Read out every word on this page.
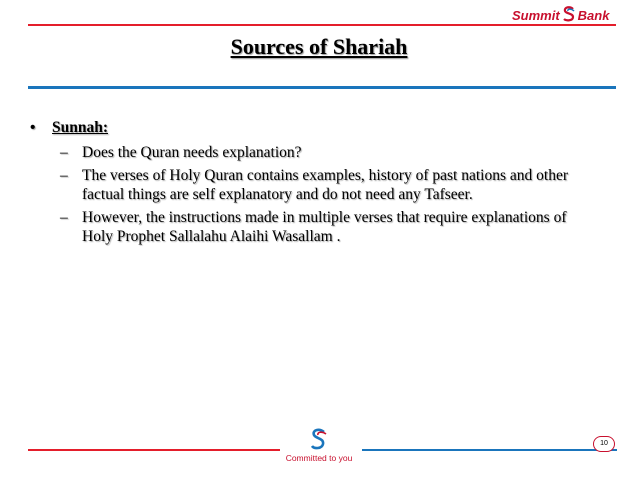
Summit Bank
Sources of Shariah
•	Sunnah:
– Does the Quran needs explanation?
– The verses of Holy Quran contains examples, history of past nations and other factual things are self explanatory and do not need any Tafseer.
– However, the instructions made in multiple verses that require explanations of Holy Prophet Sallalahu Alaihi Wasallam .
Committed to you
10
